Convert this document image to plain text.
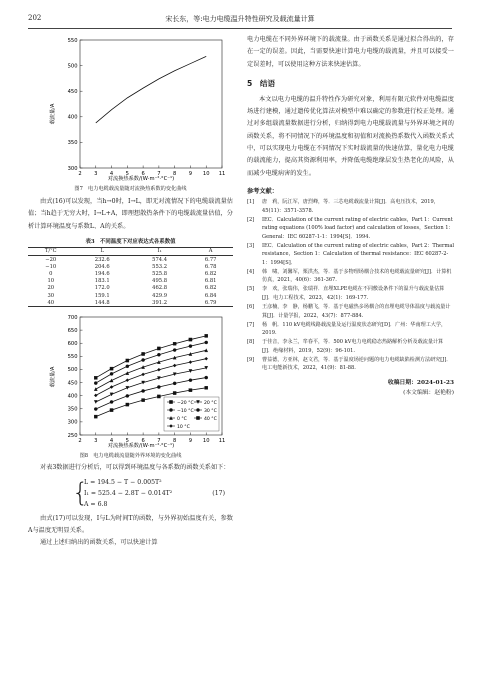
202	宋长东，等:电力电缆温升特性研究及载流量计算
载流量/A
对流换热系数/(W·m⁻²·°C⁻¹)
2 3 4 5 6 7 8 9 10 11
300
350
400
450
500
550
图7　电力电缆载流量随对流换热系数的变化曲线

由式(16)可以发现，当h→0时，I→L，即无对流情况下的电缆载流量估值；当h趋于无穷大时，I→L+A，即理想散热条件下的电缆载流量估值，分析计算环境温度与系数L、A的关系。

表3　不同温度下对应表达式各系数值
T/°C	L	I₁	A
−20	232.6	574.4	6.77
−10	204.6	553.2	6.78
0	194.6	525.8	6.82
10	183.1	495.8	6.81
20	172.0	462.8	6.82
30	159.1	429.9	6.84
40	144.8	391.2	6.79
载流量/A
对流换热系数/(W·m⁻²·°C⁻¹)
2 3 4 5 6 7 8 9 10 11
250
300
350
400
450
500
550
600
650
700
−20 °C
−10 °C
0 °C
10 °C
20 °C
30 °C
40 °C
图8　电力电缆载流量随外界环境的变化曲线

对表3数据进行分析后，可以得到环境温度与各系数的函数关系如下：

{
L = 194.5 − T − 0.005T²
I₁ = 525.4 − 2.8T − 0.014T²
A = 6.8
(17)

由式(17)可以发现，I与L为时间T的函数，与外界初始温度有关，参数A与温度无明显关系。

通过上述归纳出的函数关系，可以快速计算

电力电缆在不同外界环境下的载流量。由于函数关系是通过拟合得出的，存在一定的误差。因此，当需要快速计算电力电缆的载流量，并且可以接受一定误差时，可以使用这种方法来快速估算。

5　结语

本文以电力电缆的温升特性作为研究对象，利用有限元软件对电缆温度场进行建模，通过遗传优化算法对模型中难以确定的参数进行校正处理。通过对多组载流量数据进行分析，归纳得到电力电缆载流量与外界环境之间的函数关系，将不同情况下的环境温度和初值和对流换热系数代入函数关系式中，可以实现电力电缆在不同情况下实时载流量的快速估算，量化电力电缆的载流能力，提高其资源利用率，并降低电缆绝缘层发生热老化的风险，从而减少电缆病害的发生。

参考文献：
[1]	唐　莉，阮江军，唐烈峰，等．三芯电缆载流量计算[J]．高电压技术，2019，45(11)：3571-3578.
[2]	IEC．Calculation of the current rating of electric cables，Part 1：Current rating equations (100% load factor) and calculation of losses，Section 1：General：IEC 60287-1-1：1994[S]．1994.
[3]	IEC．Calculation of the current rating of electric cables，Part 2：Thermal resistance，Section 1：Calculation of thermal resistance：IEC 60287-2-1：1994[S]．
[4]	韩　啸，刘馨军，栗洪杰，等．基于多物理场耦合技术的电缆载流量研究[J]．计算机仿真，2021，40(6)：361-367.
[5]	李　欢，张瑞伟，张瑞祥．直埋XLPE电缆在不同敷设条件下的温升与载流量估算[J]．电力工程技术，2023，42(1)：169-177.
[6]	王彦楠，李　静，杨鹏飞，等．基于电磁热多场耦合的直埋电缆导体温度与载流量计算[J]．计量学报，2022，43(7)：877-884.
[7]	杨　帆．110 kV电缆线路载流量及运行温度状态研究[D]．广州：华南理工大学，2019.
[8]	于佳音，李永兰，牟春平，等．500 kV电力电缆稳态热路解析分析及载流量计算[J]．绝缘材料，2019，52(9)：96-101.
[9]	曹益德，方亚林，赵文君，等．基于温度场逆问题的电力电缆缺陷检测方法研究[J]．电工电能新技术，2022，41(9)：81-88.
收稿日期：2024-01-23
(本文编辑：赵艳粉)
